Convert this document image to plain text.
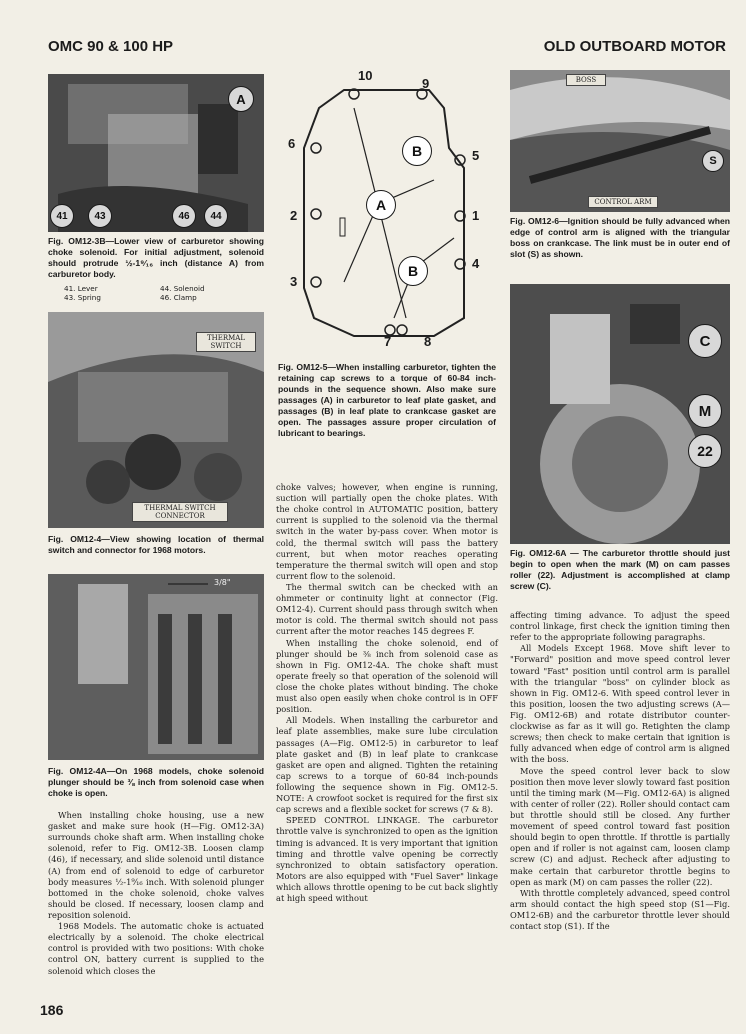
OMC 90 & 100 HP	OLD OUTBOARD MOTOR
A
41	43	46	44
Fig. OM12-3B—Lower view of carburetor showing choke solenoid. For initial adjustment, solenoid should protrude ½-1⁹⁄₁₆ inch (distance A) from carburetor body.
41. Lever
43. Spring
44. Solenoid
46. Clamp
THERMAL SWITCH
THERMAL SWITCH CONNECTOR
Fig. OM12-4—View showing location of thermal switch and connector for 1968 motors.
3/8"
Fig. OM12-4A—On 1968 models, choke solenoid plunger should be ⅜ inch from solenoid case when choke is open.

When installing choke housing, use a new gasket and make sure hook (H—Fig. OM12-3A) surrounds choke shaft arm. When installing choke solenoid, refer to Fig. OM12-3B. Loosen clamp (46), if necessary, and slide solenoid until distance (A) from end of solenoid to edge of carburetor body measures ½-1⁹⁄₁₆ inch. With solenoid plunger bottomed in the choke solenoid, choke valves should be closed. If necessary, loosen clamp and reposition solenoid.

1968 Models. The automatic choke is actuated electrically by a solenoid. The choke electrical control is provided with two positions: With choke control ON, battery current is supplied to the solenoid which closes the

10
9
6
5
2	1
4
3
7	8
B
A
B
Fig. OM12-5—When installing carburetor, tighten the retaining cap screws to a torque of 60-84 inch-pounds in the sequence shown. Also make sure passages (A) in carburetor to leaf plate gasket, and passages (B) in leaf plate to crankcase gasket are open. The passages assure proper circulation of lubricant to bearings.

choke valves; however, when engine is running, suction will partially open the choke plates. With the choke control in AUTOMATIC position, battery current is supplied to the solenoid via the thermal switch in the water by-pass cover. When motor is cold, the thermal switch will pass the battery current, but when motor reaches operating temperature the thermal switch will open and stop current flow to the solenoid.

The thermal switch can be checked with an ohmmeter or continuity light at connector (Fig. OM12-4). Current should pass through switch when motor is cold. The thermal switch should not pass current after the motor reaches 145 degrees F.

When installing the choke solenoid, end of plunger should be ⅜ inch from solenoid case as shown in Fig. OM12-4A. The choke shaft must operate freely so that operation of the solenoid will close the choke plates without binding. The choke must also open easily when choke control is in OFF position.

All Models. When installing the carburetor and leaf plate assemblies, make sure lube circulation passages (A—Fig. OM12-5) in carburetor to leaf plate gasket and (B) in leaf plate to crankcase gasket are open and aligned. Tighten the retaining cap screws to a torque of 60-84 inch-pounds following the sequence shown in Fig. OM12-5. NOTE: A crowfoot socket is required for the first six cap screws and a flexible socket for screws (7 & 8).

SPEED CONTROL LINKAGE. The carburetor throttle valve is synchronized to open as the ignition timing is advanced. It is very important that ignition timing and throttle valve opening be correctly synchronized to obtain satisfactory operation. Motors are also equipped with "Fuel Saver" linkage which allows throttle opening to be cut back slightly at high speed without

BOSS
CONTROL ARM
S
Fig. OM12-6—Ignition should be fully advanced when edge of control arm is aligned with the triangular boss on crankcase. The link must be in outer end of slot (S) as shown.
C
M
22
Fig. OM12-6A — The carburetor throttle should just begin to open when the mark (M) on cam passes roller (22). Adjustment is accomplished at clamp screw (C).

affecting timing advance. To adjust the speed control linkage, first check the ignition timing then refer to the appropriate following paragraphs.

All Models Except 1968. Move shift lever to "Forward" position and move speed control lever toward "Fast" position until control arm is parallel with the triangular "boss" on cylinder block as shown in Fig. OM12-6. With speed control lever in this position, loosen the two adjusting screws (A—Fig. OM12-6B) and rotate distributor counter-clockwise as far as it will go. Retighten the clamp screws; then check to make certain that ignition is fully advanced when edge of control arm is aligned with the boss.

Move the speed control lever back to slow position then move lever slowly toward fast position until the timing mark (M—Fig. OM12-6A) is aligned with center of roller (22). Roller should contact cam but throttle should still be closed. Any further movement of speed control toward fast position should begin to open throttle. If throttle is partially open and if roller is not against cam, loosen clamp screw (C) and adjust. Recheck after adjusting to make certain that carburetor throttle begins to open as mark (M) on cam passes the roller (22).

With throttle completely advanced, speed control arm should contact the high speed stop (S1—Fig. OM12-6B) and the carburetor throttle lever should contact stop (S1). If the

186
